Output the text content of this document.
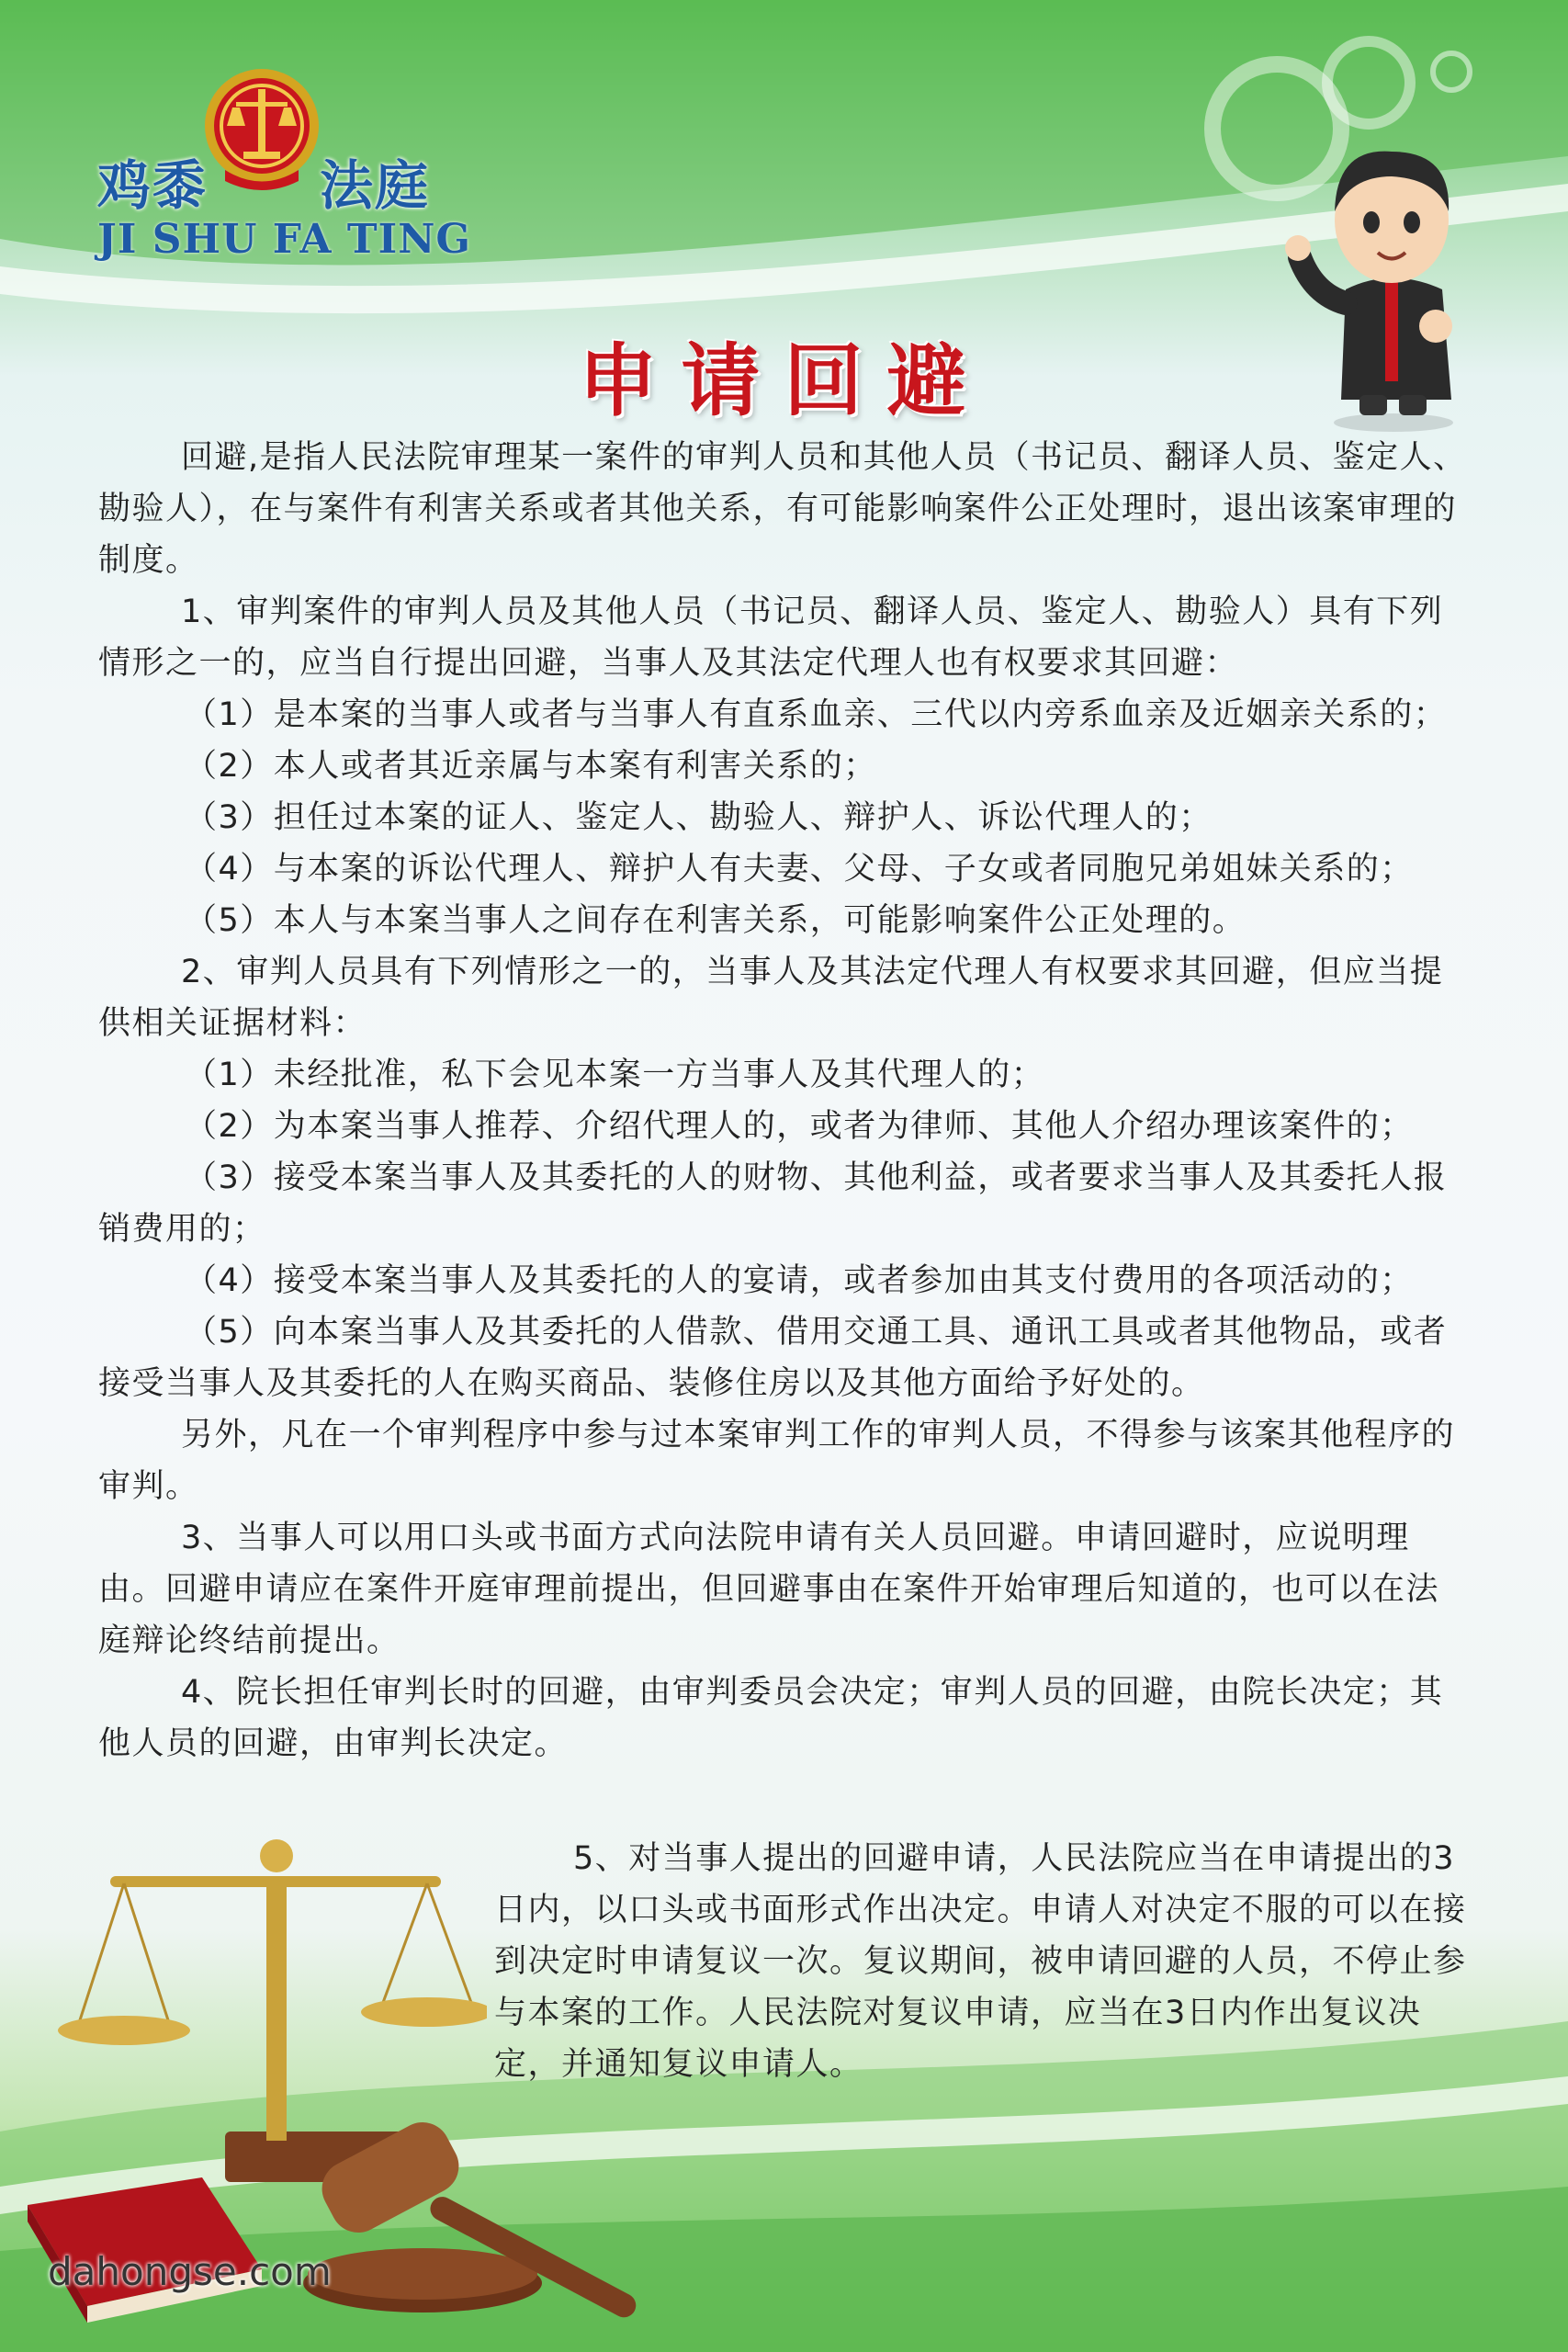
鸡黍 法庭
JI SHU FA TING
申请回避

回避,是指人民法院审理某一案件的审判人员和其他人员（书记员、翻译人员、鉴定人、勘验人），在与案件有利害关系或者其他关系，有可能影响案件公正处理时，退出该案审理的制度。

1、审判案件的审判人员及其他人员（书记员、翻译人员、鉴定人、勘验人）具有下列情形之一的，应当自行提出回避，当事人及其法定代理人也有权要求其回避：

（1）是本案的当事人或者与当事人有直系血亲、三代以内旁系血亲及近姻亲关系的；

（2）本人或者其近亲属与本案有利害关系的；

（3）担任过本案的证人、鉴定人、勘验人、辩护人、诉讼代理人的；

（4）与本案的诉讼代理人、辩护人有夫妻、父母、子女或者同胞兄弟姐妹关系的；

（5）本人与本案当事人之间存在利害关系，可能影响案件公正处理的。

2、审判人员具有下列情形之一的，当事人及其法定代理人有权要求其回避，但应当提供相关证据材料：

（1）未经批准，私下会见本案一方当事人及其代理人的；

（2）为本案当事人推荐、介绍代理人的，或者为律师、其他人介绍办理该案件的；

（3）接受本案当事人及其委托的人的财物、其他利益，或者要求当事人及其委托人报销费用的；

（4）接受本案当事人及其委托的人的宴请，或者参加由其支付费用的各项活动的；

（5）向本案当事人及其委托的人借款、借用交通工具、通讯工具或者其他物品，或者接受当事人及其委托的人在购买商品、装修住房以及其他方面给予好处的。

另外，凡在一个审判程序中参与过本案审判工作的审判人员，不得参与该案其他程序的审判。

3、当事人可以用口头或书面方式向法院申请有关人员回避。申请回避时，应说明理由。回避申请应在案件开庭审理前提出，但回避事由在案件开始审理后知道的，也可以在法庭辩论终结前提出。

4、院长担任审判长时的回避，由审判委员会决定；审判人员的回避，由院长决定；其他人员的回避，由审判长决定。

5、对当事人提出的回避申请，人民法院应当在申请提出的3日内，以口头或书面形式作出决定。申请人对决定不服的可以在接到决定时申请复议一次。复议期间，被申请回避的人员，不停止参与本案的工作。人民法院对复议申请，应当在3日内作出复议决定，并通知复议申请人。
dahongse.com
